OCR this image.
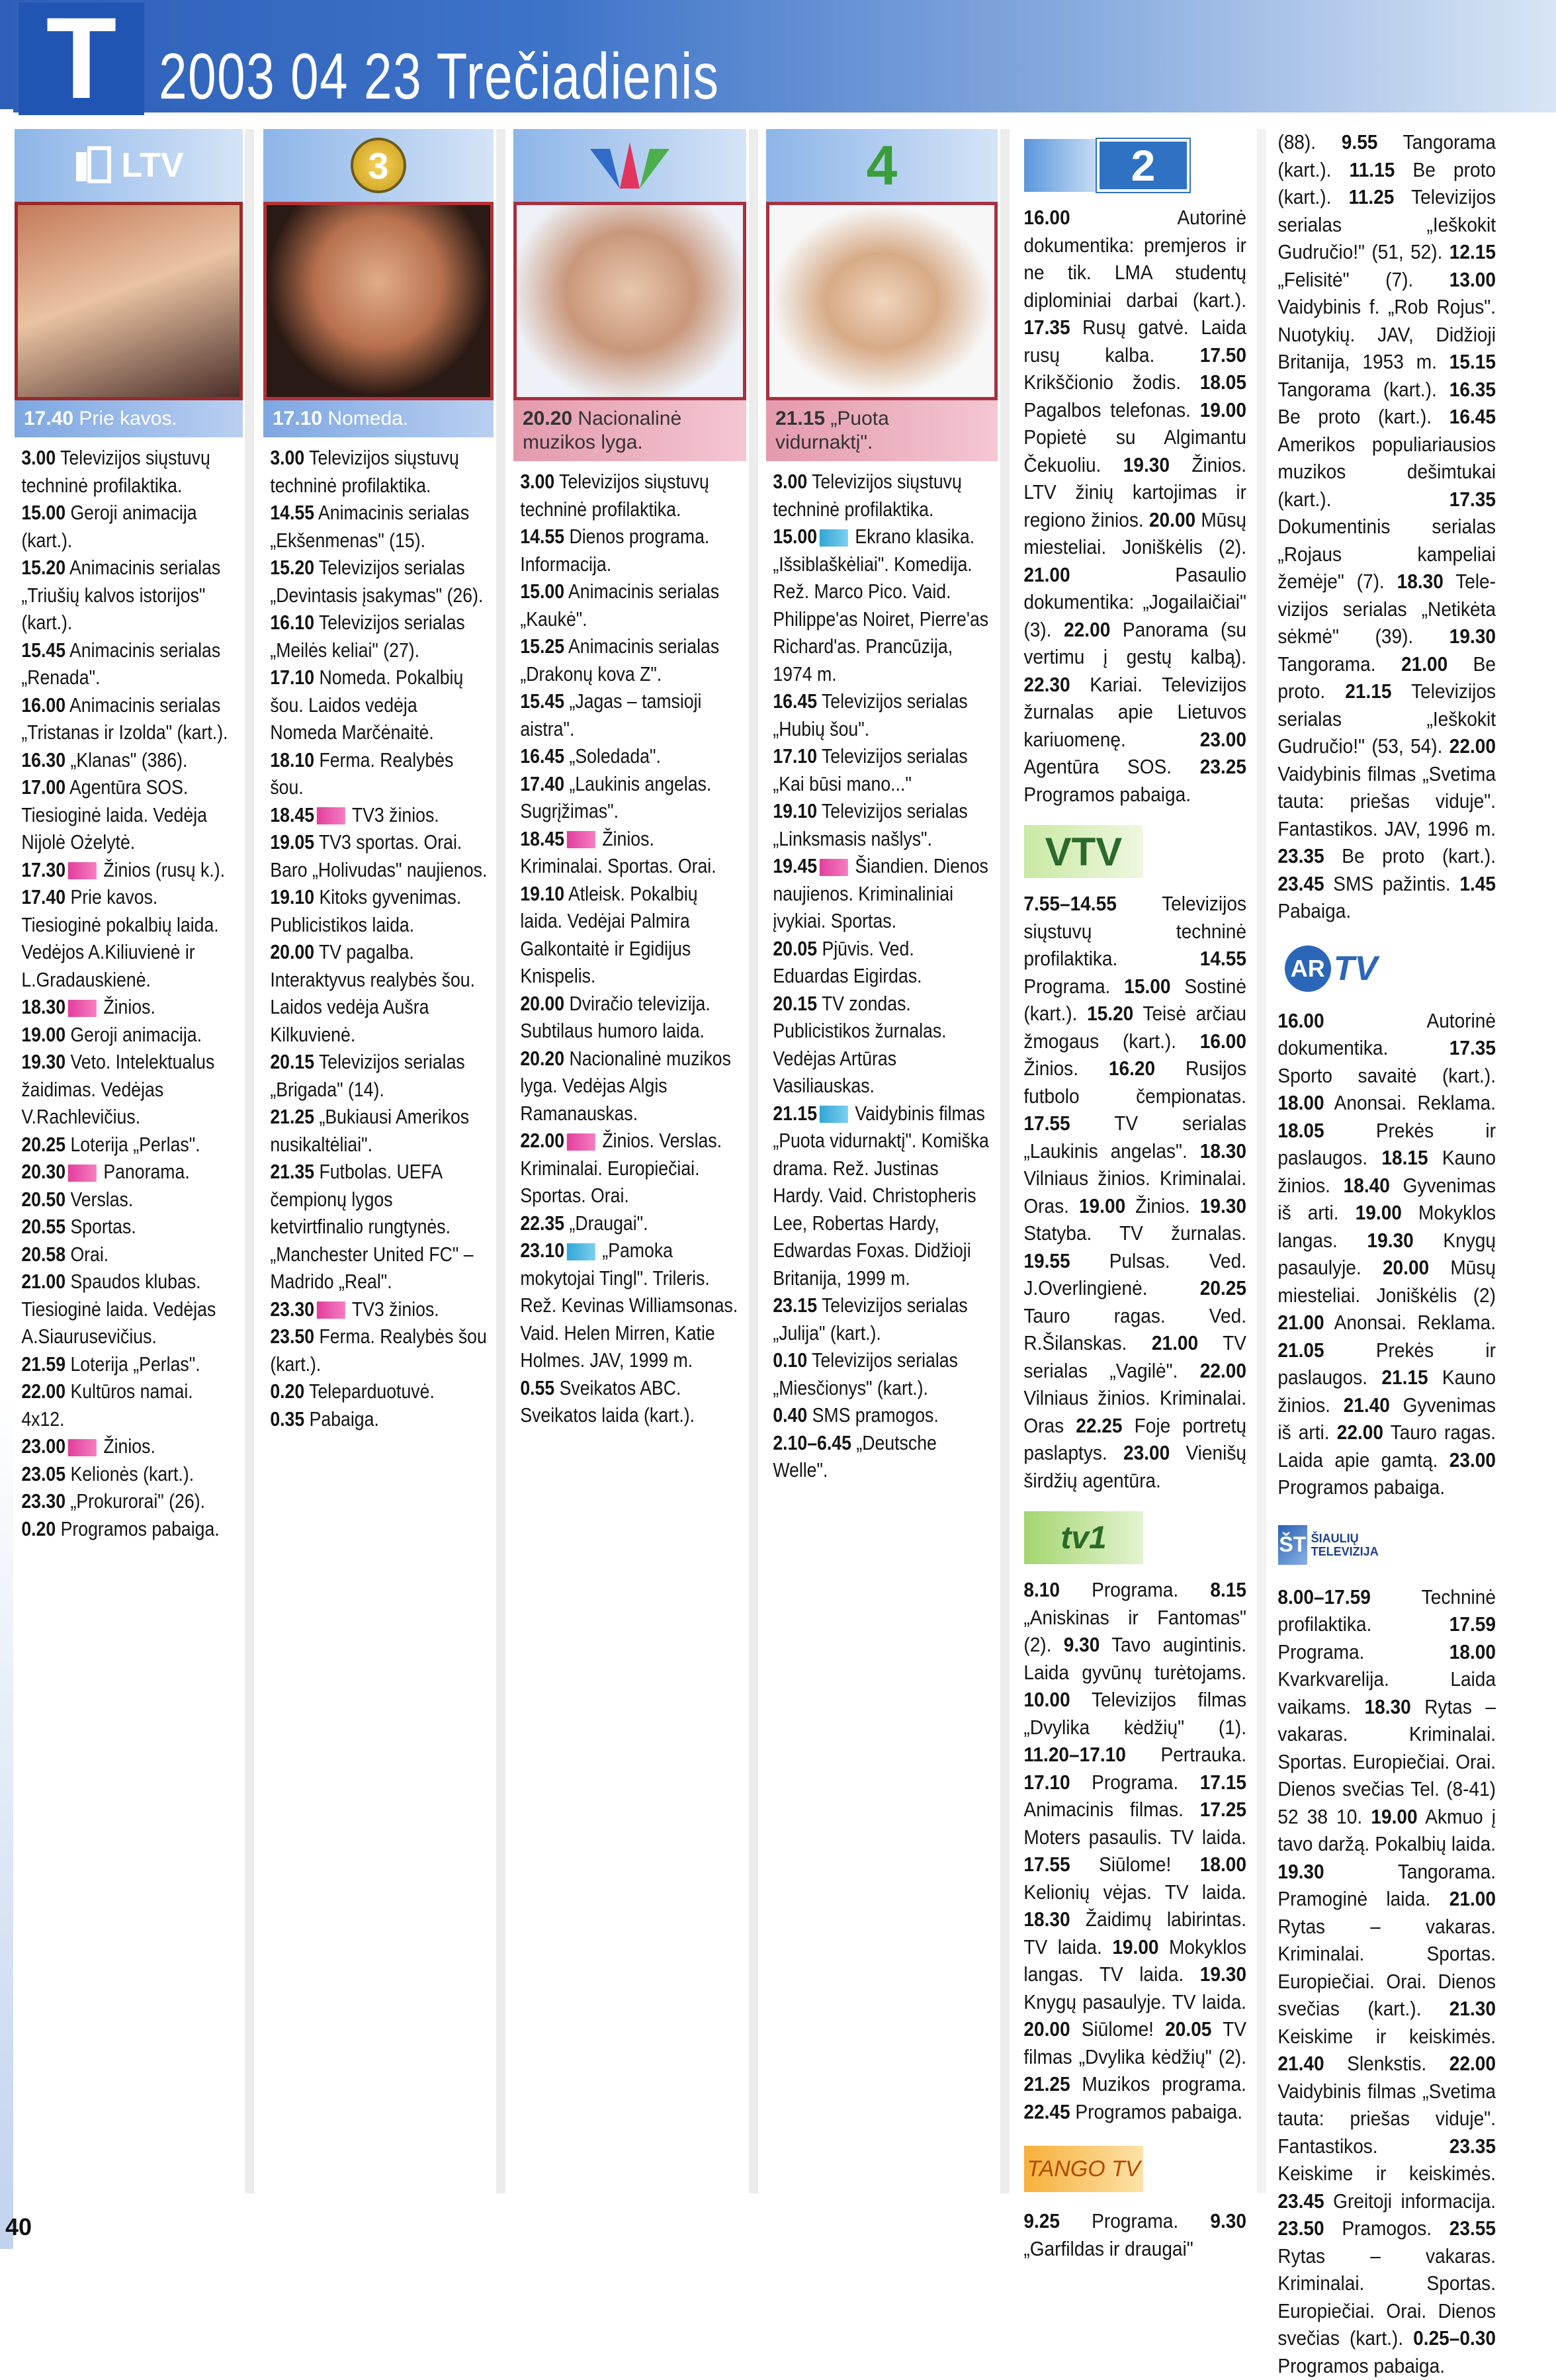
T 2003 04 23 Trečiadienis
LTV
17.40 Prie kavos.
3.00 Televizijos siųstuvų techninė profilaktika.
15.00 Geroji animacija (kart.).
15.20 Animacinis serialas „Triušių kalvos istorijos" (kart.).
15.45 Animacinis serialas „Renada".
16.00 Animacinis serialas „Tristanas ir Izolda" (kart.).
16.30 „Klanas" (386).
17.00 Agentūra SOS. Tiesioginė laida. Vedėja Nijolė Ożelytė.
17.30 Žinios (rusų k.).
17.40 Prie kavos. Tiesioginė pokalbių laida. Vedėjos A.Kiliuvienė ir L.Gradauskienė.
18.30 Žinios.
19.00 Geroji animacija.
19.30 Veto. Intelektualus žaidimas. Vedėjas V.Rachlevičius.
20.25 Loterija „Perlas".
20.30 Panorama.
20.50 Verslas.
20.55 Sportas.
20.58 Orai.
21.00 Spaudos klubas. Tiesioginė laida. Vedėjas A.Siaurusevičius.
21.59 Loterija „Perlas".
22.00 Kultūros namai. 4x12.
23.00 Žinios.
23.05 Kelionės (kart.).
23.30 „Prokurorai" (26).
0.20 Programos pabaiga.
3
17.10 Nomeda.
3.00 Televizijos siųstuvų techninė profilaktika.
14.55 Animacinis serialas „Ekšenmenas" (15).
15.20 Televizijos serialas „Devintasis įsakymas" (26).
16.10 Televizijos serialas „Meilės keliai" (27).
17.10 Nomeda. Pokalbių šou. Laidos vedėja Nomeda Marčėnaitė.
18.10 Ferma. Realybės šou.
18.45 TV3 žinios.
19.05 TV3 sportas. Orai. Baro „Holivudas" naujienos.
19.10 Kitoks gyvenimas. Publicistikos laida.
20.00 TV pagalba. Interaktyvus realybės šou. Laidos vedėja Aušra Kilkuvienė.
20.15 Televizijos serialas „Brigada" (14).
21.25 „Bukiausi Amerikos nusikaltėliai".
21.35 Futbolas. UEFA čempionų lygos ketvirtfinalio rungtynės. „Manchester United FC" – Madrido „Real".
23.30 TV3 žinios.
23.50 Ferma. Realybės šou (kart.).
0.20 Teleparduotuvė.
0.35 Pabaiga.
20.20 Nacionalinė muzikos lyga.
3.00 Televizijos siųstuvų techninė profilaktika.
14.55 Dienos programa. Informacija.
15.00 Animacinis serialas „Kaukė".
15.25 Animacinis serialas „Drakonų kova Z".
15.45 „Jagas – tamsioji aistra".
16.45 „Soledada".
17.40 „Laukinis angelas. Sugrįžimas".
18.45 Žinios. Kriminalai. Sportas. Orai.
19.10 Atleisk. Pokalbių laida. Vedėjai Palmira Galkontaitė ir Egidijus Knispelis.
20.00 Dviračio televizija. Subtilaus humoro laida.
20.20 Nacionalinė muzikos lyga. Vedėjas Algis Ramanauskas.
22.00 Žinios. Verslas. Kriminalai. Europiečiai. Sportas. Orai.
22.35 „Draugai".
23.10 „Pamoka mokytojai Tingl". Trileris. Rež. Kevinas Williamsonas. Vaid. Helen Mirren, Katie Holmes. JAV, 1999 m.
0.55 Sveikatos ABC. Sveikatos laida (kart.).
4
21.15 „Puota vidurnaktį".
3.00 Televizijos siųstuvų techninė profilaktika.
15.00 Ekrano klasika. „Išsiblaškėliai". Komedija. Rež. Marco Pico. Vaid. Philippe'as Noiret, Pierre'as Richard'as. Prancūzija, 1974 m.
16.45 Televizijos serialas „Hubių šou".
17.10 Televizijos serialas „Kai būsi mano..."
19.10 Televizijos serialas „Linksmasis našlys".
19.45 Šiandien. Dienos naujienos. Kriminaliniai įvykiai. Sportas.
20.05 Pjūvis. Ved. Eduardas Eigirdas.
20.15 TV zondas. Publicistikos žurnalas. Vedėjas Artūras Vasiliauskas.
21.15 Vaidybinis filmas „Puota vidurnaktį". Komiška drama. Rež. Justinas Hardy. Vaid. Christopheris Lee, Robertas Hardy, Edwardas Foxas. Didžioji Britanija, 1999 m.
23.15 Televizijos serialas „Julija" (kart.).
0.10 Televizijos serialas „Miesčionys" (kart.).
0.40 SMS pramogos.
2.10–6.45 „Deutsche Welle".
2
16.00 Autorinė dokumentika: premjeros ir ne tik. LMA studentų diplominiai darbai (kart.). 17.35 Rusų gatvė. Laida rusų kalba. 17.50 Krikščionio žodis. 18.05 Pagalbos telefonas. 19.00 Popietė su Algimantu Čekuoliu. 19.30 Žinios. LTV žinių kartojimas ir regiono žinios. 20.00 Mūsų miesteliai. Joniškėlis (2). 21.00 Pasaulio dokumentika: „Jogailaičiai" (3). 22.00 Panorama (su vertimu į gestų kalbą). 22.30 Kariai. Televizijos žurnalas apie Lietuvos kariuomenę. 23.00 Agentūra SOS. 23.25 Programos pabaiga.
VTV
7.55–14.55 Televizijos siųstuvų techninė profilaktika. 14.55 Programa. 15.00 Sostinė (kart.). 15.20 Teisė arčiau žmogaus (kart.). 16.00 Žinios. 16.20 Rusijos futbolo čempionatas. 17.55 TV serialas „Laukinis angelas". 18.30 Vilniaus žinios. Kriminalai. Oras. 19.00 Žinios. 19.30 Statyba. TV žurnalas. 19.55 Pulsas. Ved. J.Overlingienė. 20.25 Tauro ragas. Ved. R.Šilanskas. 21.00 TV serialas „Vagilė". 22.00 Vilniaus žinios. Kriminalai. Oras 22.25 Foje portretų paslaptys. 23.00 Vienišų širdžių agentūra.
tv1
8.10 Programa. 8.15 „Aniskinas ir Fantomas" (2). 9.30 Tavo augintinis. Laida gyvūnų turėtojams. 10.00 Televizijos filmas „Dvylika kėdžių" (1). 11.20–17.10 Pertrauka. 17.10 Programa. 17.15 Animacinis filmas. 17.25 Moters pasaulis. TV laida. 17.55 Siūlome! 18.00 Kelionių vėjas. TV laida. 18.30 Žaidimų labirintas. TV laida. 19.00 Mokyklos langas. TV laida. 19.30 Knygų pasaulyje. TV laida. 20.00 Siūlome! 20.05 TV filmas „Dvylika kėdžių" (2). 21.25 Muzikos programa. 22.45 Programos pabaiga.
TANGO TV
9.25 Programa. 9.30 „Garfildas ir draugai"
(88). 9.55 Tangorama (kart.). 11.15 Be proto (kart.). 11.25 Televizijos serialas „Ieškokit Gudručio!" (51, 52). 12.15 „Felisitė" (7). 13.00 Vaidybinis f. „Rob Rojus". Nuotykių. JAV, Didžioji Britanija, 1953 m. 15.15 Tangorama (kart.). 16.35 Be proto (kart.). 16.45 Amerikos populiariausios muzikos dešimtukai (kart.). 17.35 Dokumentinis serialas „Rojaus kampeliai žemėje" (7). 18.30 Tele-vizijos serialas „Netikėta sėkmė" (39). 19.30 Tangorama. 21.00 Be proto. 21.15 Televizijos serialas „Ieškokit Gudručio!" (53, 54). 22.00 Vaidybinis filmas „Svetima tauta: priešas viduje". Fantastikos. JAV, 1996 m. 23.35 Be proto (kart.). 23.45 SMS pažintis. 1.45 Pabaiga.
AR TV
16.00 Autorinė dokumentika. 17.35 Sporto savaitė (kart.). 18.00 Anonsai. Reklama. 18.05 Prekės ir paslaugos. 18.15 Kauno žinios. 18.40 Gyvenimas iš arti. 19.00 Mokyklos langas. 19.30 Knygų pasaulyje. 20.00 Mūsų miesteliai. Joniškėlis (2) 21.00 Anonsai. Reklama. 21.05 Prekės ir paslaugos. 21.15 Kauno žinios. 21.40 Gyvenimas iš arti. 22.00 Tauro ragas. Laida apie gamtą. 23.00 Programos pabaiga.
ŠT ŠIAULIŲ TELEVIZIJA
8.00–17.59 Techninė profilaktika. 17.59 Programa. 18.00 Kvarkvarelija. Laida vaikams. 18.30 Rytas – vakaras. Kriminalai. Sportas. Europiečiai. Orai. Dienos svečias Tel. (8-41) 52 38 10. 19.00 Akmuo į tavo daržą. Pokalbių laida. 19.30 Tangorama. Pramoginė laida. 21.00 Rytas – vakaras. Kriminalai. Sportas. Europiečiai. Orai. Dienos svečias (kart.). 21.30 Keiskime ir keiskimės. 21.40 Slenkstis. 22.00 Vaidybinis filmas „Svetima tauta: priešas viduje". Fantastikos. 23.35 Keiskime ir keiskimės. 23.45 Greitoji informacija. 23.50 Pramogos. 23.55 Rytas – vakaras. Kriminalai. Sportas. Europiečiai. Orai. Dienos svečias (kart.). 0.25–0.30 Programos pabaiga.
40
